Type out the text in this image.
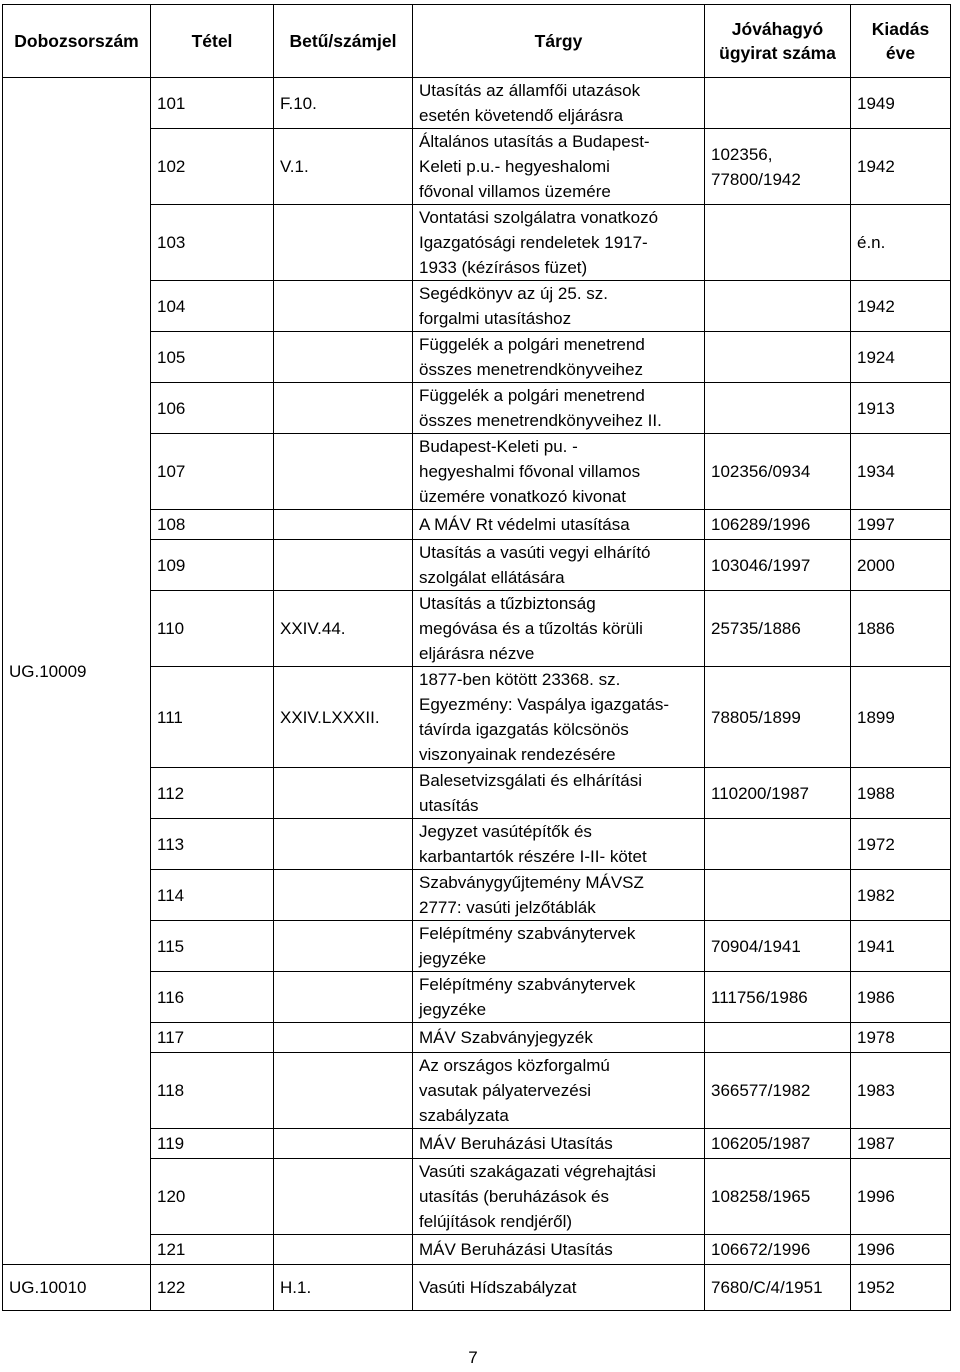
Dobozsorszám	Tétel	Betű/számjel	Tárgy	Jóváhagyó
ügyirat száma	Kiadás éve
UG.10009	101	F.10.	Utasítás az államfői utazások
esetén követendő eljárásra		1949
	102	V.1.	Általános utasítás a Budapest-
Keleti p.u.- hegyeshalomi
fővonal villamos üzemére	102356,
77800/1942	1942
	103		Vontatási szolgálatra vonatkozó
Igazgatósági rendeletek 1917-
1933 (kézírásos füzet)		é.n.
	104		Segédkönyv az új 25. sz.
forgalmi utasításhoz		1942
	105		Függelék a polgári menetrend
összes menetrendkönyveihez		1924
	106		Függelék a polgári menetrend
összes menetrendkönyveihez II.		1913
	107		Budapest-Keleti pu. -
hegyeshalmi fővonal villamos
üzemére vonatkozó kivonat	102356/0934	1934
	108		A MÁV Rt védelmi utasítása	106289/1996	1997
	109		Utasítás a vasúti vegyi elhárító
szolgálat ellátására	103046/1997	2000
	110	XXIV.44.	Utasítás a tűzbiztonság
megóvása és a tűzoltás körüli
eljárásra nézve	25735/1886	1886
	111	XXIV.LXXXII.	1877-ben kötött 23368. sz.
Egyezmény: Vaspálya igazgatás-
távírda igazgatás kölcsönös
viszonyainak rendezésére	78805/1899	1899
	112		Balesetvizsgálati és elhárítási
utasítás	110200/1987	1988
	113		Jegyzet vasútépítők és
karbantartók részére I-II- kötet		1972
	114		Szabványgyűjtemény MÁVSZ
2777: vasúti jelzőtáblák		1982
	115		Felépítmény szabványtervek
jegyzéke	70904/1941	1941
	116		Felépítmény szabványtervek
jegyzéke	111756/1986	1986
	117		MÁV Szabványjegyzék		1978
	118		Az országos közforgalmú
vasutak pályatervezési
szabályzata	366577/1982	1983
	119		MÁV Beruházási Utasítás	106205/1987	1987
	120		Vasúti szakágazati végrehajtási
utasítás (beruházások és
felújítások rendjéről)	108258/1965	1996
	121		MÁV Beruházási Utasítás	106672/1996	1996
UG.10010	122	H.1.	Vasúti Hídszabályzat	7680/C/4/1951	1952
7
